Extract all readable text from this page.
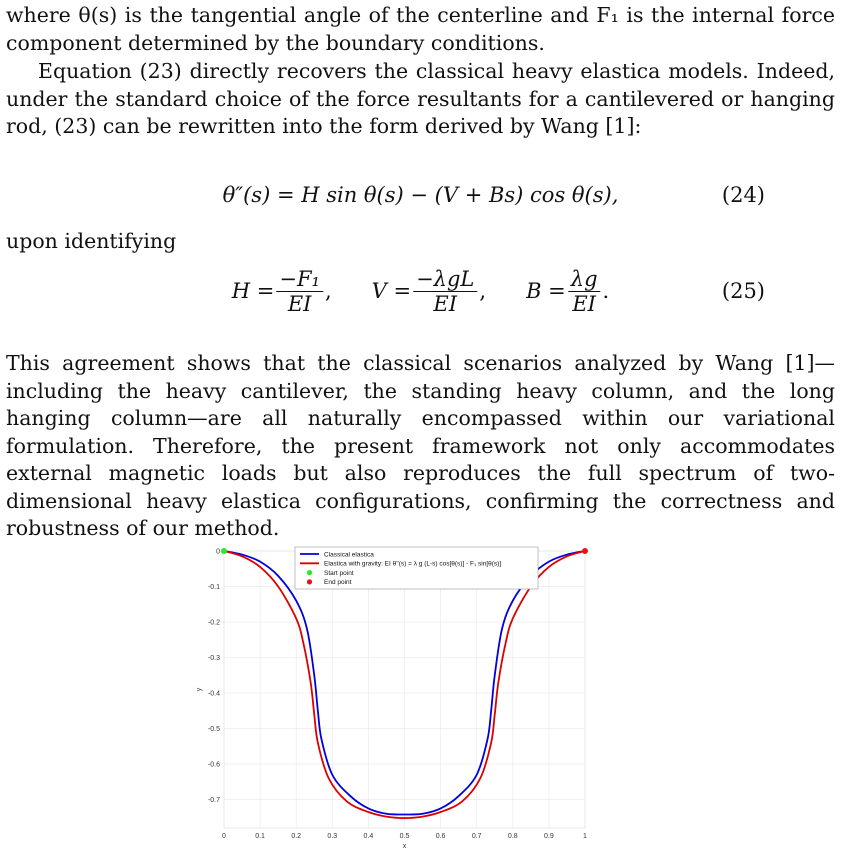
where θ(s) is the tangential angle of the centerline and F₁ is the internal force component determined by the boundary conditions.

Equation (23) directly recovers the classical heavy elastica models. Indeed, under the standard choice of the force resultants for a cantilevered or hanging rod, (23) can be rewritten into the form derived by Wang [1]:

θ″(s) = H sin θ(s) − (V + Bs) cos θ(s),	(24)

upon identifying

$H = \frac{\text{−F₁}}{EI}$ , $V = \frac{\text{−λgL}}{EI}$ , $B = \frac{\lambda g}{EI}$ .	(25)

This agreement shows that the classical scenarios analyzed by Wang [1]—including the heavy cantilever, the standing heavy column, and the long hanging column—are all naturally encompassed within our variational formulation. Therefore, the present framework not only accommodates external magnetic loads but also reproduces the full spectrum of two-dimensional heavy elastica configurations, confirming the correctness and robustness of our method.

0	0.1	0.2	0.3	0.4	0.5	0.6	0.7	0.8	0.9	1
0
-0.1
-0.2
-0.3
-0.4
-0.5
-0.6
-0.7
x
y
Classical elastica
Elastica with gravity: EI θ''(s) = λ g (L-s) cos[θ(s)] - F₁ sin[θ(s)]
Start point
End point
